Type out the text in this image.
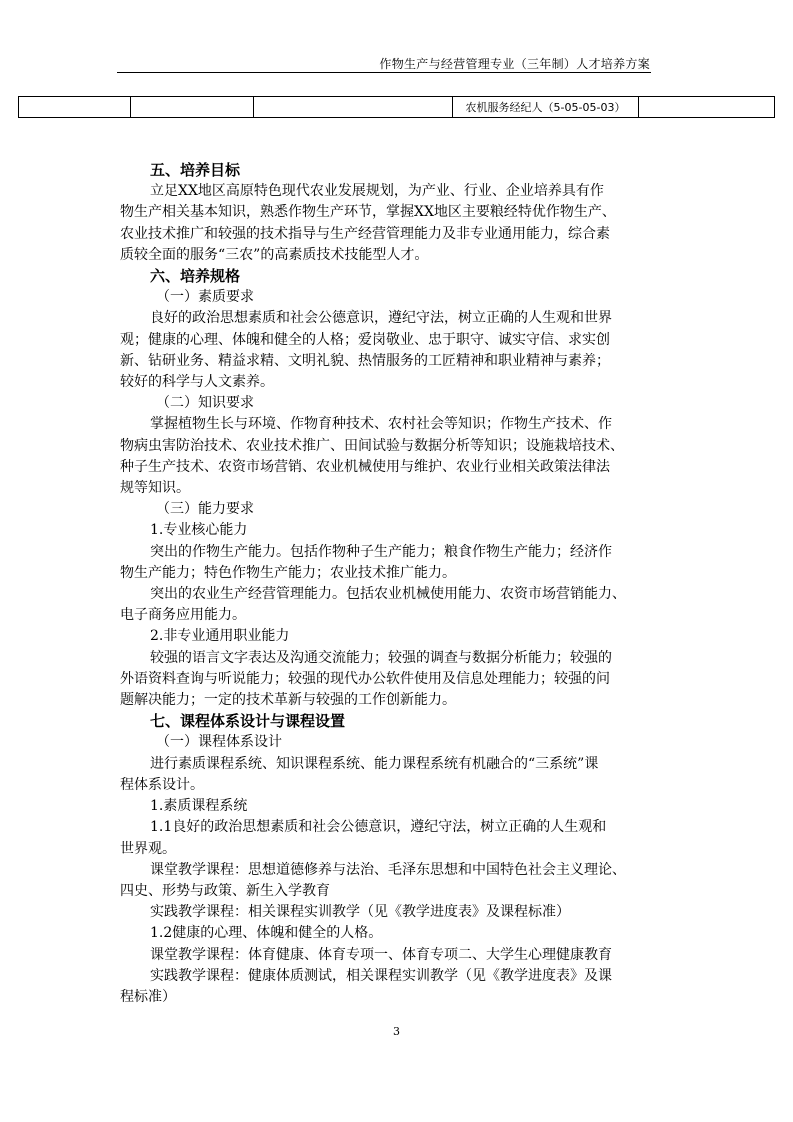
作物生产与经营管理专业（三年制）人才培养方案
			农机服务经纪人（5-05-05-03）	
五、培养目标
立足XX地区高原特色现代农业发展规划，为产业、行业、企业培养具有作
物生产相关基本知识，熟悉作物生产环节，掌握XX地区主要粮经特优作物生产、
农业技术推广和较强的技术指导与生产经营管理能力及非专业通用能力，综合素
质较全面的服务“三农”的高素质技术技能型人才。
六、培养规格
（一）素质要求
良好的政治思想素质和社会公德意识，遵纪守法，树立正确的人生观和世界
观；健康的心理、体魄和健全的人格；爱岗敬业、忠于职守、诚实守信、求实创
新、钻研业务、精益求精、文明礼貌、热情服务的工匠精神和职业精神与素养；
较好的科学与人文素养。
（二）知识要求
掌握植物生长与环境、作物育种技术、农村社会等知识；作物生产技术、作
物病虫害防治技术、农业技术推广、田间试验与数据分析等知识；设施栽培技术、
种子生产技术、农资市场营销、农业机械使用与维护、农业行业相关政策法律法
规等知识。
（三）能力要求
1.专业核心能力
突出的作物生产能力。包括作物种子生产能力；粮食作物生产能力；经济作
物生产能力；特色作物生产能力；农业技术推广能力。
突出的农业生产经营管理能力。包括农业机械使用能力、农资市场营销能力、
电子商务应用能力。
2.非专业通用职业能力
较强的语言文字表达及沟通交流能力；较强的调查与数据分析能力；较强的
外语资料查询与听说能力；较强的现代办公软件使用及信息处理能力；较强的问
题解决能力；一定的技术革新与较强的工作创新能力。
七、课程体系设计与课程设置
（一）课程体系设计
进行素质课程系统、知识课程系统、能力课程系统有机融合的“三系统”课
程体系设计。
1.素质课程系统
1.1良好的政治思想素质和社会公德意识，遵纪守法，树立正确的人生观和
世界观。
课堂教学课程：思想道德修养与法治、毛泽东思想和中国特色社会主义理论、
四史、形势与政策、新生入学教育
实践教学课程：相关课程实训教学（见《教学进度表》及课程标准）
1.2健康的心理、体魄和健全的人格。
课堂教学课程：体育健康、体育专项一、体育专项二、大学生心理健康教育
实践教学课程：健康体质测试，相关课程实训教学（见《教学进度表》及课
程标准）
3
